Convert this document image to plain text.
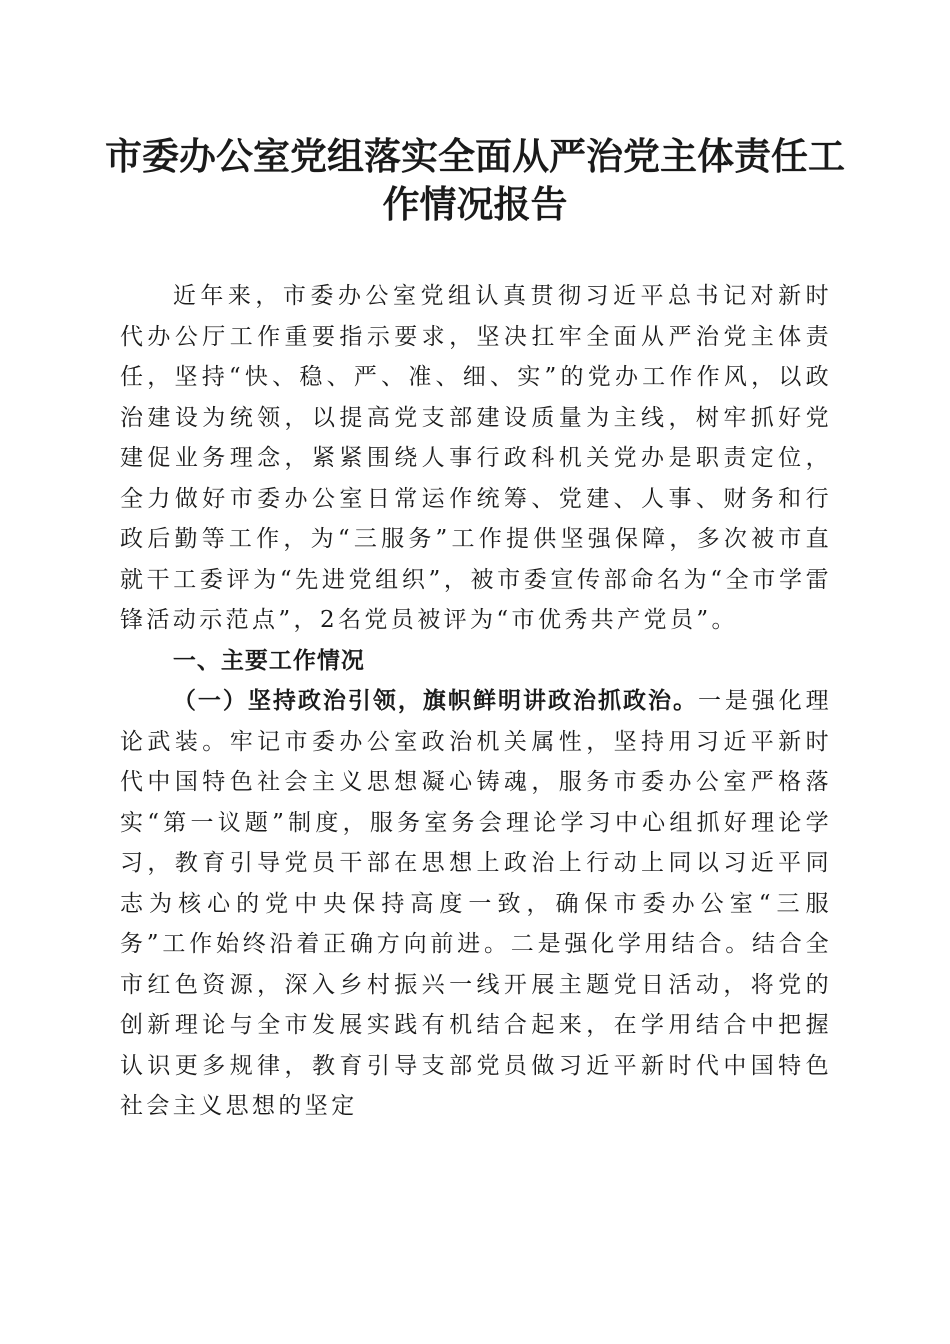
市委办公室党组落实全面从严治党主体责任工作情况报告

近年来，市委办公室党组认真贯彻习近平总书记对新时代办公厅工作重要指示要求，坚决扛牢全面从严治党主体责任，坚持“快、稳、严、准、细、实”的党办工作作风，以政治建设为统领，以提高党支部建设质量为主线，树牢抓好党建促业务理念，紧紧围绕人事行政科机关党办是职责定位，全力做好市委办公室日常运作统筹、党建、人事、财务和行政后勤等工作，为“三服务”工作提供坚强保障，多次被市直就干工委评为“先进党组织”，被市委宣传部命名为“全市学雷锋活动示范点”，2名党员被评为“市优秀共产党员”。

一、主要工作情况

（一）坚持政治引领，旗帜鲜明讲政治抓政治。一是强化理论武装。牢记市委办公室政治机关属性，坚持用习近平新时代中国特色社会主义思想凝心铸魂，服务市委办公室严格落实“第一议题”制度，服务室务会理论学习中心组抓好理论学习，教育引导党员干部在思想上政治上行动上同以习近平同志为核心的党中央保持高度一致，确保市委办公室“三服务”工作始终沿着正确方向前进。二是强化学用结合。结合全市红色资源，深入乡村振兴一线开展主题党日活动，将党的创新理论与全市发展实践有机结合起来，在学用结合中把握认识更多规律，教育引导支部党员做习近平新时代中国特色社会主义思想的坚定
